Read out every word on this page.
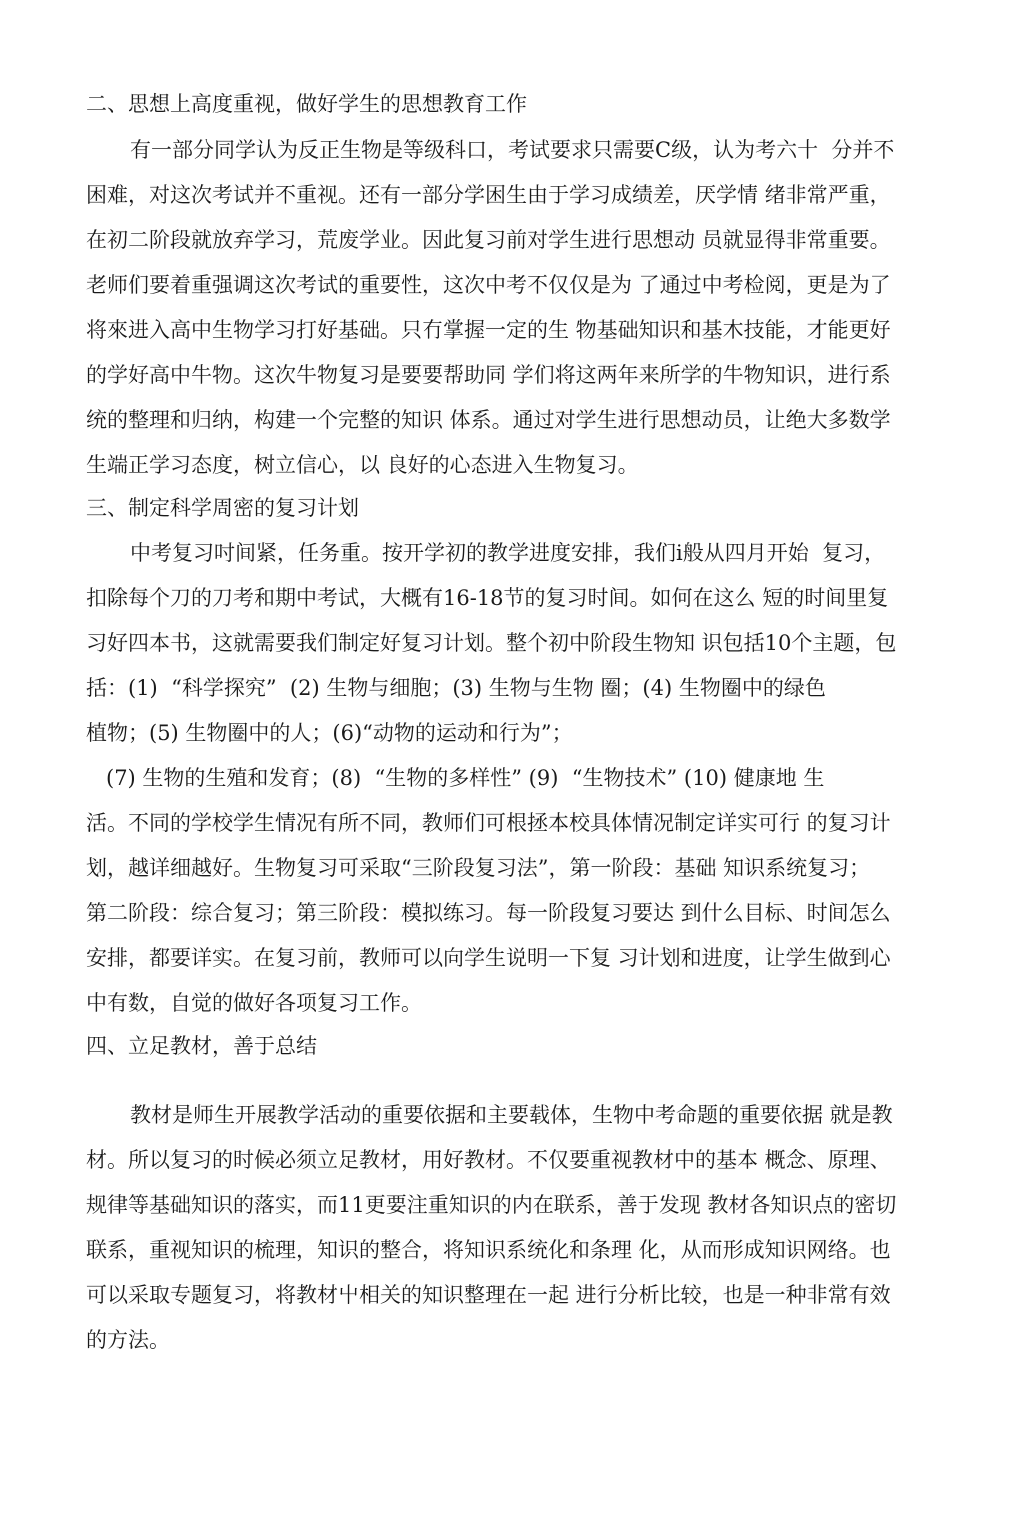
二、思想上高度重视，做好学生的思想教育工作
有一部分同学认为反正生物是等级科口，考试要求只需要C级，认为考六十  分并不
困难，对这次考试并不重视。还有一部分学困生由于学习成绩差，厌学情 绪非常严重，
在初二阶段就放弃学习，荒废学业。因此复习前对学生进行思想动 员就显得非常重要。
老师们要着重强调这次考试的重要性，这次中考不仅仅是为 了通过中考检阅，更是为了
将來进入高中生物学习打好基础。只冇掌握一定的生 物基础知识和基木技能，才能更好
的学好高中牛物。这次牛物复习是要要帮助同 学们将这两年来所学的牛物知识，进行系
统的整理和归纳，构建一个完整的知识 体系。通过对学生进行思想动员，让绝大多数学
生端正学习态度，树立信心，以 良好的心态进入生物复习。
三、制定科学周密的复习计划
中考复习吋间紧，任务重。按开学初的教学进度安排，我们i般从四月开始  复习，
扣除每个刀的刀考和期中考试，大概有16-18节的复习时间。如何在这么 短的时间里复
习好四本书，这就需要我们制定好复习计划。整个初中阶段生物知 识包括10个主题，包
括：(1)  “科学探究”  (2) 生物与细胞；(3) 生物与生物 圈；(4) 生物圈中的绿色
植物；(5) 生物圈中的人；(6)“动物的运动和行为”；
(7) 生物的生殖和发育；(8)  “生物的多样性” (9)  “生物技术” (10) 健康地 生
活。不同的学校学生情况有所不同，教师们可根拯本校具体情况制定详实可行 的复习计
划，越详细越好。生物复习可采取“三阶段复习法”，第一阶段：基础 知识系统复习；
第二阶段：综合复习；第三阶段：模拟练习。每一阶段复习要达 到什么目标、时间怎么
安排，都要详实。在复习前，教师可以向学生说明一下复 习计划和进度，让学生做到心
中有数，自觉的做好各项复习工作。
四、立足教材，善于总结
教材是师生开展教学活动的重要依据和主要载体，生物中考命题的重要依据 就是教
材。所以复习的时候必须立足教材，用好教材。不仅要重视教材中的基本 概念、原理、
规律等基础知识的落实，而11更要注重知识的内在联系，善于发现 教材各知识点的密切
联系，重视知识的梳理，知识的整合，将知识系统化和条理 化，从而形成知识网络。也
可以采取专题复习，将教材屮相关的知识整理在一起 进行分析比较，也是一种非常有效
的方法。
